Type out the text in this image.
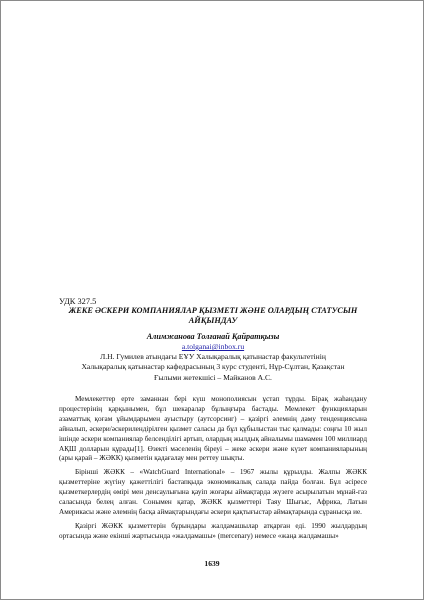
УДК 327.5
ЖЕКЕ ӘСКЕРИ КОМПАНИЯЛАР ҚЫЗМЕТІ ЖӘНЕ ОЛАРДЫҢ СТАТУСЫН АЙҚЫНДАУ
Алимжанова Толғанай Қайратқызы
a.tolganai@inbox.ru
Л.Н. Гумилев атындағы ЕҰУ Халықаралық қатынастар факультетінің
Халықаралық қатынастар кафедрасының 3 курс студенті, Нұр-Сұлтан, Қазақстан
Ғылыми жетекшісі – Майканов А.С.

Мемлекеттер ерте заманнан бері күш монополиясын ұстап тұрды. Бірақ жаһандану процестерінің қарқынымен, бұл шекаралар бұлыңғыра бастады. Мемлекет функцияларын азаматтық қоғам ұйымдарымен ауыстыру (аутсорсинг) – қазіргі әлемнің даму тенденциясына айналып, әскери/әскерилендірілген қызмет саласы да бұл құбылыстан тыс қалмады: соңғы 10 жыл ішінде әскери компаниялар белсенділігі артып, олардың жылдық айналымы шамамен 100 миллиард АҚШ долларын құрады[1]. Өзекті мәселенің біреуі – жеке әскери және күзет компанияларының (ары қарай – ЖӘКК) қызметін қадағалау мен реттеу шықты.

Бірінші ЖӘКК – «WatchGuard International» – 1967 жылы құрылды. Жалпы ЖӘКК қызметтеріне жүгіну қажеттілігі бастапқыда экономикалық салада пайда болған. Бұл әсіресе қызметкерлердің өмірі мен денсаулығына қауіп жоғары аймақтарда жүзеге асырылатын мұнай-газ саласында белең алған. Сонымен қатар, ЖӘКК қызметтері Таяу Шығыс, Африка, Латын Америкасы және әлемнің басқа аймақтарындағы әскери қақтығыстар аймақтарында сұранысқа ие.

Қазіргі ЖӘКК қызметтерін бұрындары жалдамашылар атқарған еді. 1990 жылдардың ортасында және екінші жартысында «жалдамашы» (mercenary) немесе «жаңа жалдамашы»

1639
